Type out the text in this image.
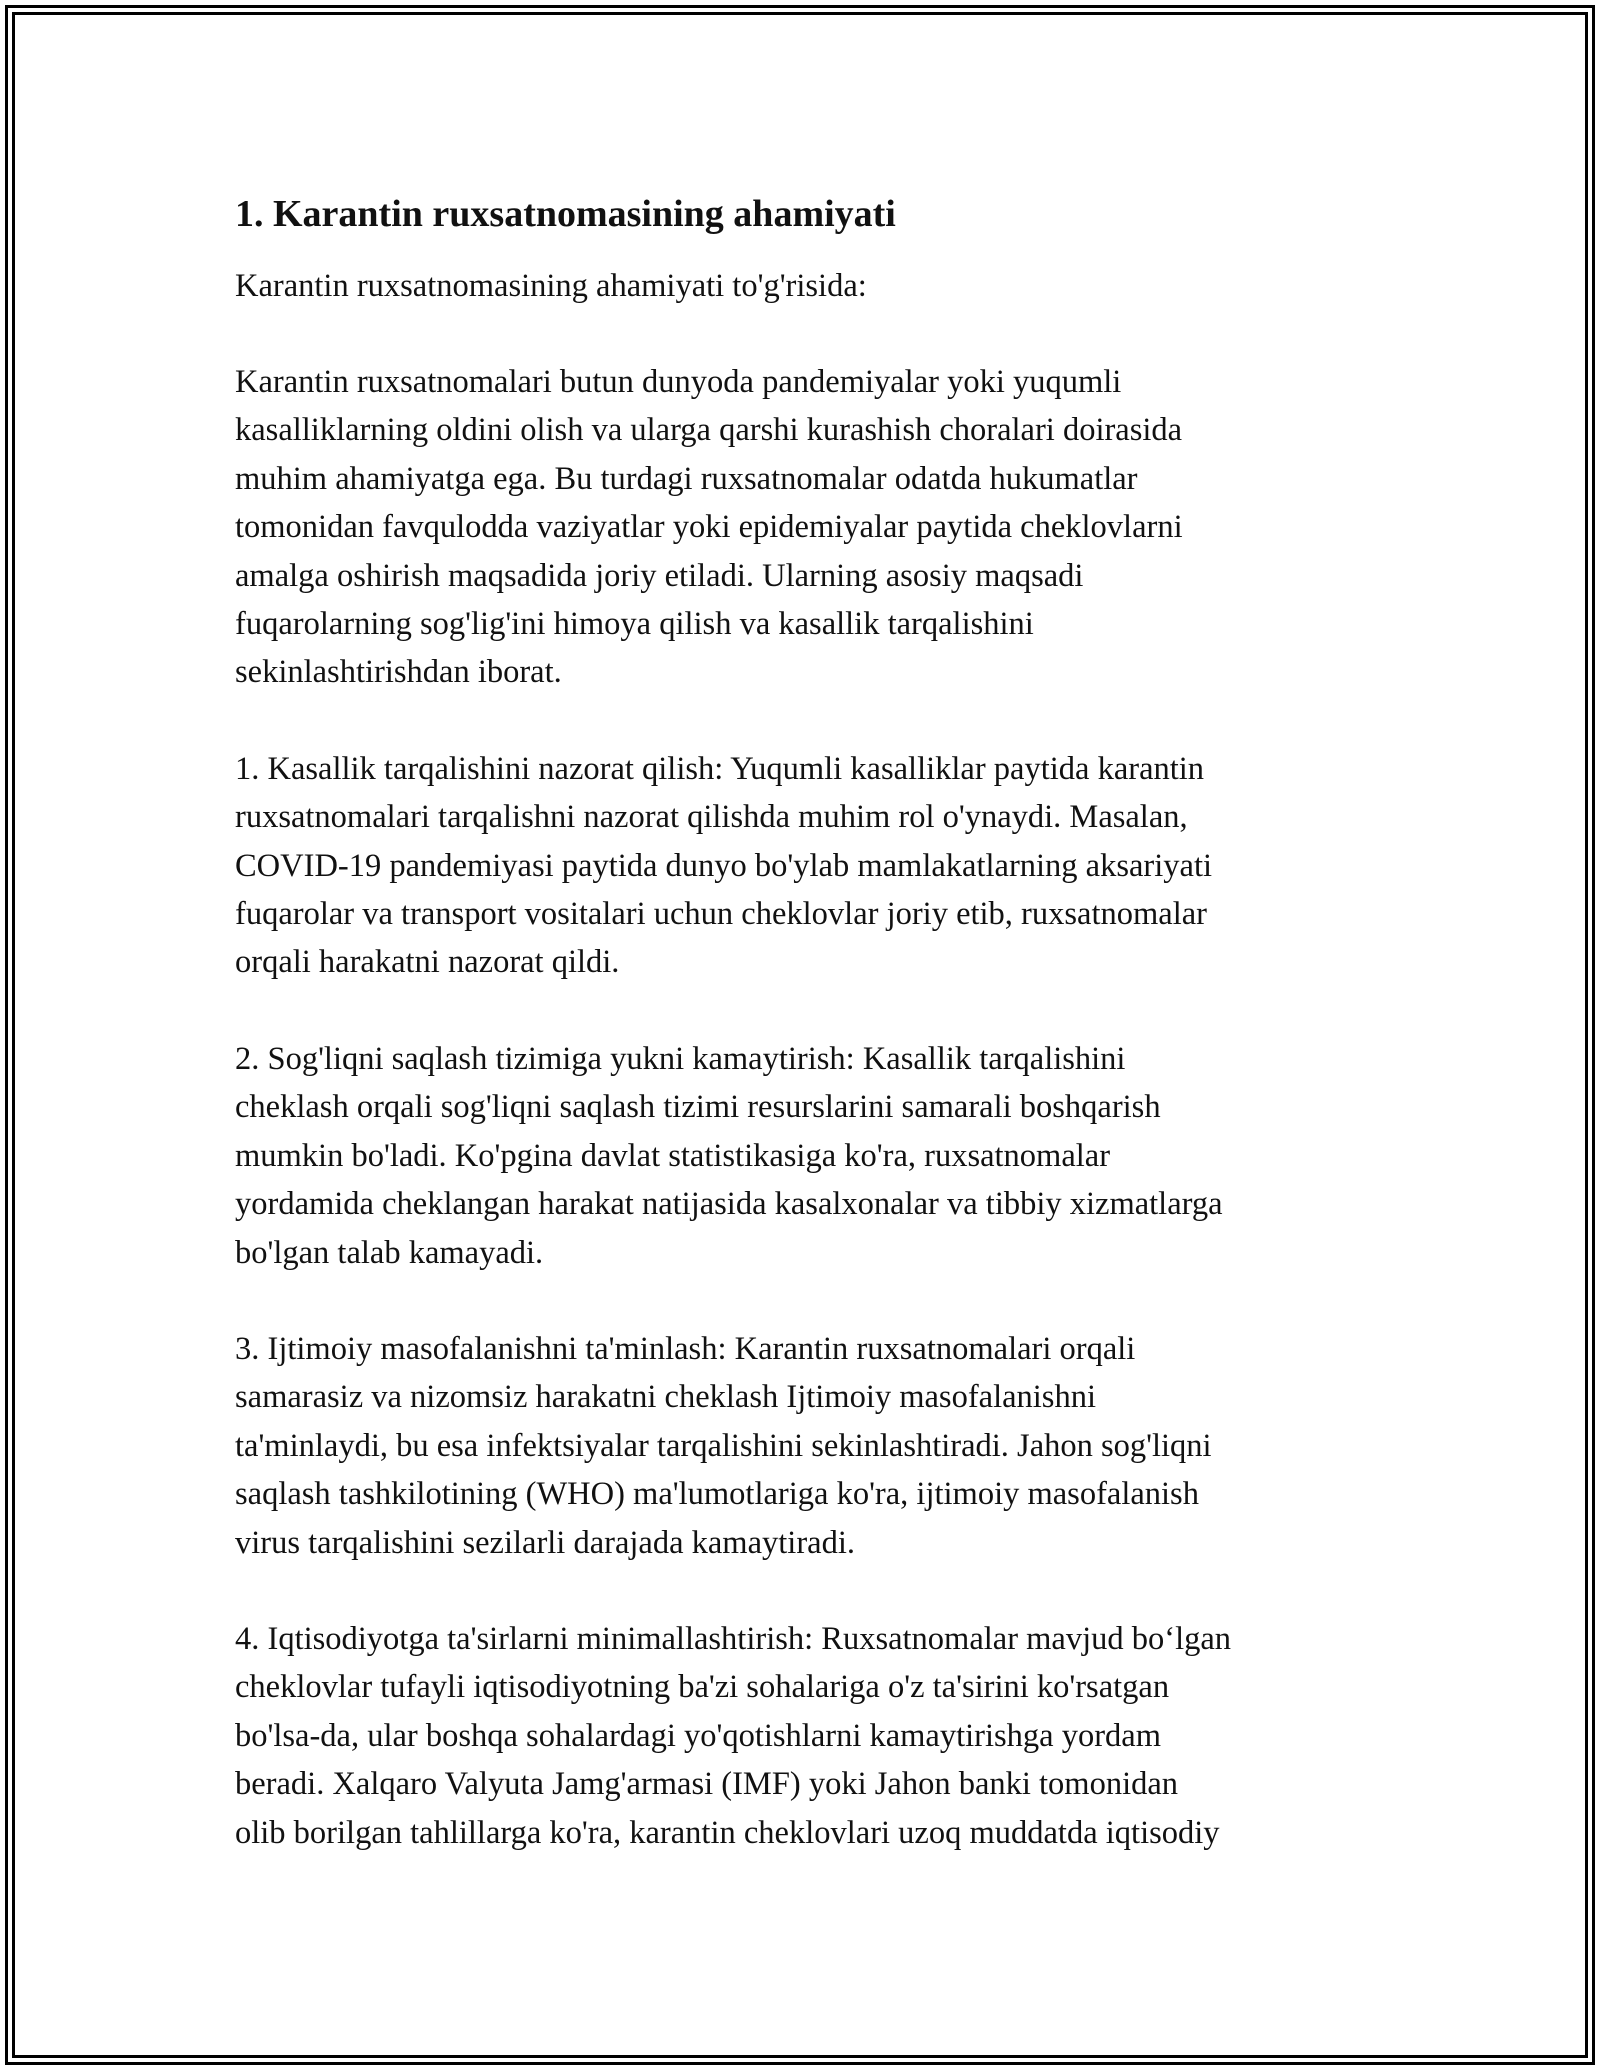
1. Karantin ruxsatnomasining ahamiyati

Karantin ruxsatnomasining ahamiyati to'g'risida:

Karantin ruxsatnomalari butun dunyoda pandemiyalar yoki yuqumli
kasalliklarning oldini olish va ularga qarshi kurashish choralari doirasida
muhim ahamiyatga ega. Bu turdagi ruxsatnomalar odatda hukumatlar
tomonidan favqulodda vaziyatlar yoki epidemiyalar paytida cheklovlarni
amalga oshirish maqsadida joriy etiladi. Ularning asosiy maqsadi
fuqarolarning sog'lig'ini himoya qilish va kasallik tarqalishini
sekinlashtirishdan iborat.

1. Kasallik tarqalishini nazorat qilish: Yuqumli kasalliklar paytida karantin
ruxsatnomalari tarqalishni nazorat qilishda muhim rol o'ynaydi. Masalan,
COVID-19 pandemiyasi paytida dunyo bo'ylab mamlakatlarning aksariyati
fuqarolar va transport vositalari uchun cheklovlar joriy etib, ruxsatnomalar
orqali harakatni nazorat qildi.

2. Sog'liqni saqlash tizimiga yukni kamaytirish: Kasallik tarqalishini
cheklash orqali sog'liqni saqlash tizimi resurslarini samarali boshqarish
mumkin bo'ladi. Ko'pgina davlat statistikasiga ko'ra, ruxsatnomalar
yordamida cheklangan harakat natijasida kasalxonalar va tibbiy xizmatlarga
bo'lgan talab kamayadi.

3. Ijtimoiy masofalanishni ta'minlash: Karantin ruxsatnomalari orqali
samarasiz va nizomsiz harakatni cheklash Ijtimoiy masofalanishni
ta'minlaydi, bu esa infektsiyalar tarqalishini sekinlashtiradi. Jahon sog'liqni
saqlash tashkilotining (WHO) ma'lumotlariga ko'ra, ijtimoiy masofalanish
virus tarqalishini sezilarli darajada kamaytiradi.

4. Iqtisodiyotga ta'sirlarni minimallashtirish: Ruxsatnomalar mavjud bo‘lgan
cheklovlar tufayli iqtisodiyotning ba'zi sohalariga o'z ta'sirini ko'rsatgan
bo'lsa-da, ular boshqa sohalardagi yo'qotishlarni kamaytirishga yordam
beradi. Xalqaro Valyuta Jamg'armasi (IMF) yoki Jahon banki tomonidan
olib borilgan tahlillarga ko'ra, karantin cheklovlari uzoq muddatda iqtisodiy
